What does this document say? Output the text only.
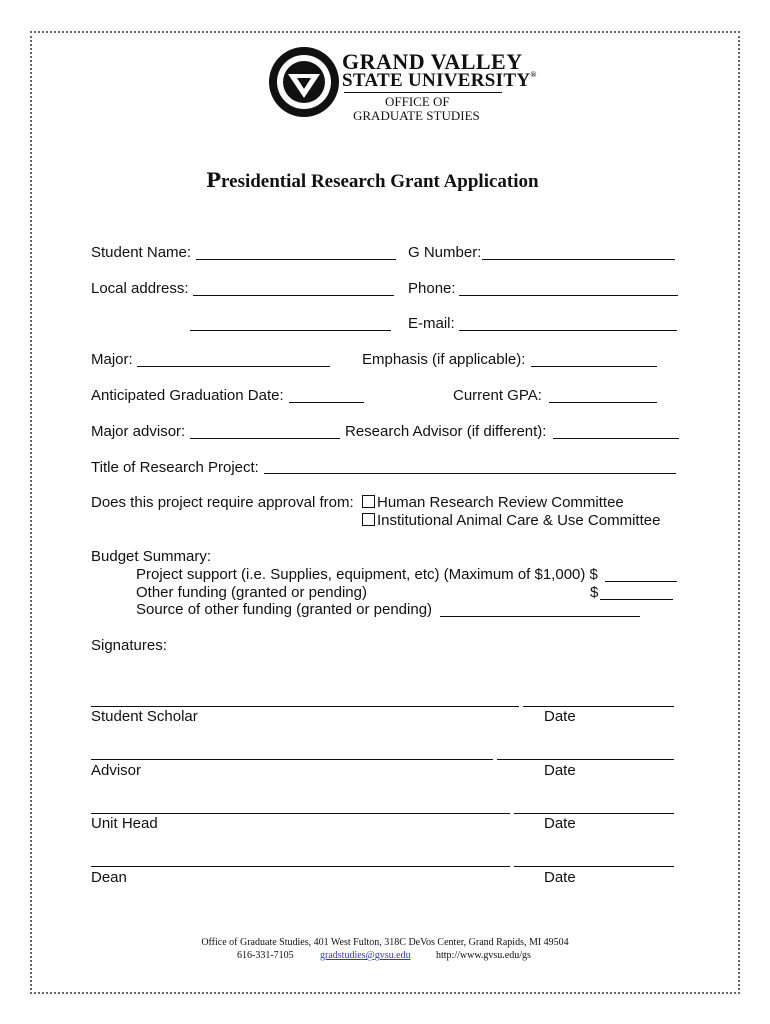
GRAND VALLEY
STATE UNIVERSITY®
OFFICE OF
GRADUATE STUDIES
Presidential Research Grant Application
Student Name:	G Number:
Local address:	Phone:
E-mail:
Major:	Emphasis (if applicable):
Anticipated Graduation Date:	Current GPA:
Major advisor:	Research Advisor (if different):
Title of Research Project:
Does this project require approval from:	Human Research Review Committee
Institutional Animal Care & Use Committee
Budget Summary:
Project support (i.e. Supplies, equipment, etc) (Maximum of $1,000) $
Other funding (granted or pending)	$
Source of other funding (granted or pending)
Signatures:
Student Scholar	Date
Advisor	Date
Unit Head	Date
Dean	Date
Office of Graduate Studies, 401 West Fulton, 318C DeVos Center, Grand Rapids, MI 49504
616-331-7105	gradstudies@gvsu.edu	http://www.gvsu.edu/gs
